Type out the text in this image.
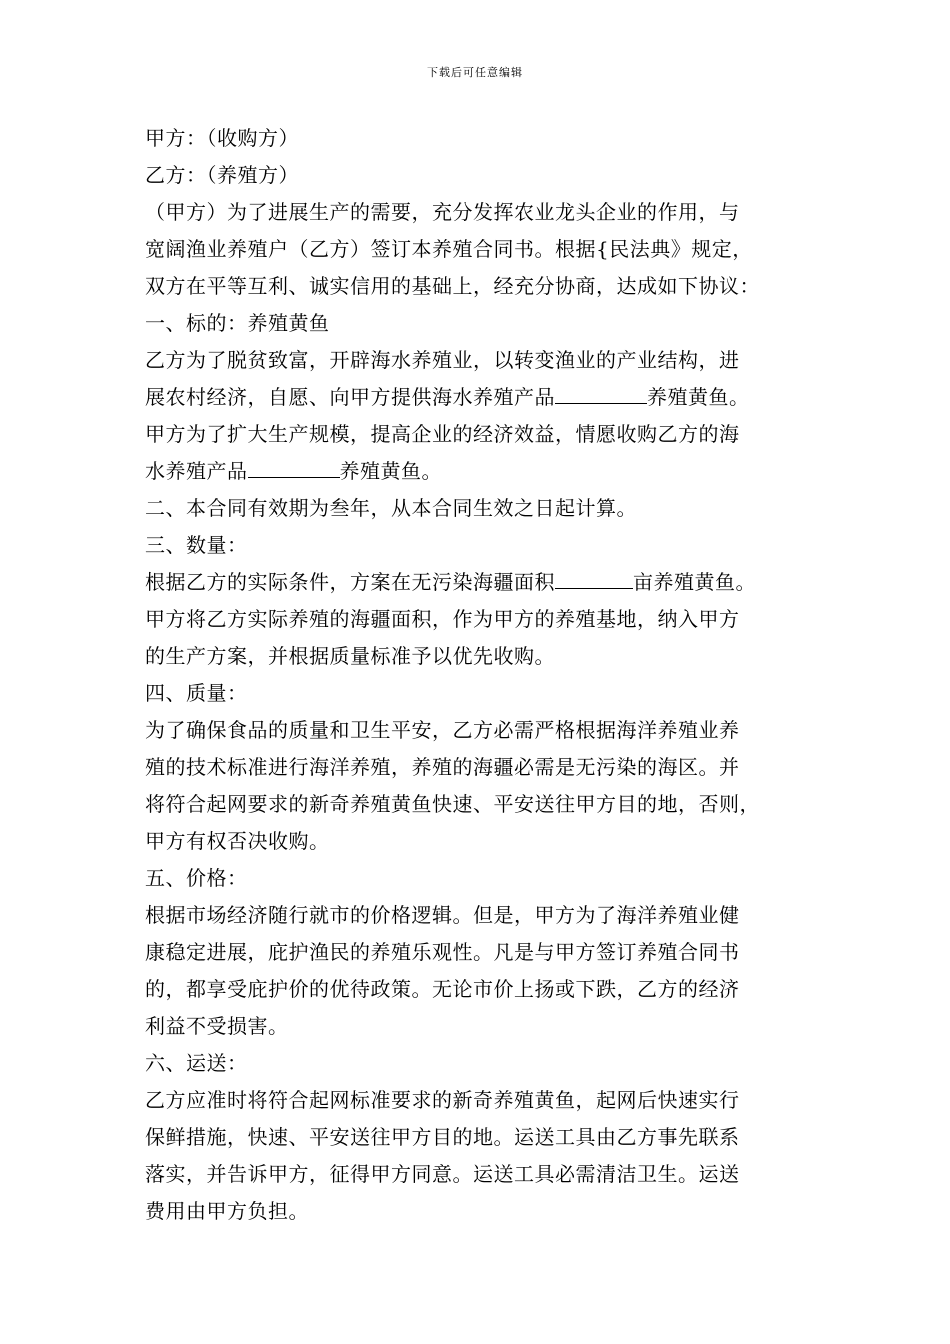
下载后可任意编辑
甲方：（收购方）
乙方：（养殖方）
（甲方）为了进展生产的需要，充分发挥农业龙头企业的作用，与
宽阔渔业养殖户（乙方）签订本养殖合同书。根据{民法典》规定，
双方在平等互利、诚实信用的基础上，经充分协商，达成如下协议：
一、标的：养殖黄鱼
乙方为了脱贫致富，开辟海水养殖业，以转变渔业的产业结构，进
展农村经济，自愿、向甲方提供海水养殖产品	养殖黄鱼。
甲方为了扩大生产规模，提高企业的经济效益，情愿收购乙方的海
水养殖产品	养殖黄鱼。
二、本合同有效期为叁年，从本合同生效之日起计算。
三、数量：
根据乙方的实际条件，方案在无污染海疆面积	亩养殖黄鱼。
甲方将乙方实际养殖的海疆面积，作为甲方的养殖基地，纳入甲方
的生产方案，并根据质量标准予以优先收购。
四、质量：
为了确保食品的质量和卫生平安，乙方必需严格根据海洋养殖业养
殖的技术标准进行海洋养殖，养殖的海疆必需是无污染的海区。并
将符合起网要求的新奇养殖黄鱼快速、平安送往甲方目的地，否则，
甲方有权否决收购。
五、价格：
根据市场经济随行就市的价格逻辑。但是，甲方为了海洋养殖业健
康稳定进展，庇护渔民的养殖乐观性。凡是与甲方签订养殖合同书
的，都享受庇护价的优待政策。无论市价上扬或下跌，乙方的经济
利益不受损害。
六、运送：
乙方应准时将符合起网标准要求的新奇养殖黄鱼，起网后快速实行
保鲜措施，快速、平安送往甲方目的地。运送工具由乙方事先联系
落实，并告诉甲方，征得甲方同意。运送工具必需清洁卫生。运送
费用由甲方负担。
